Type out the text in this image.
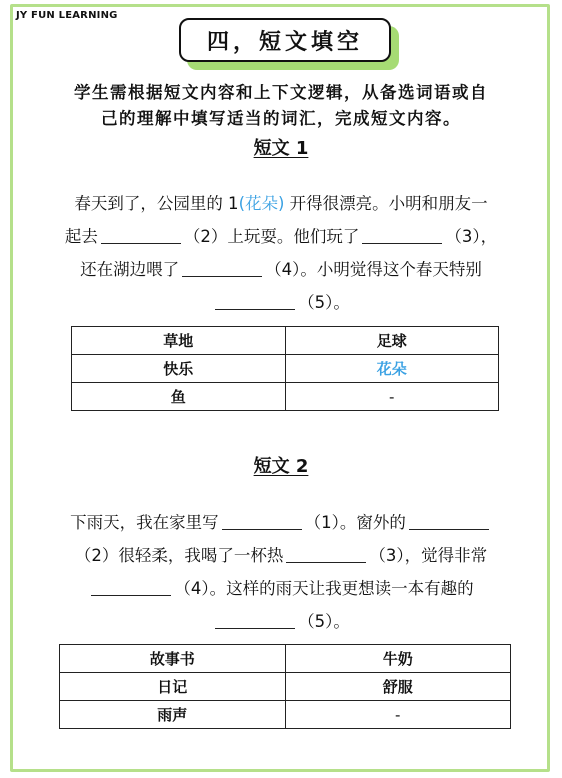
JY FUN LEARNING
四，短文填空
学生需根据短文内容和上下文逻辑，从备选词语或自
己的理解中填写适当的词汇，完成短文内容。
短文 1
春天到了，公园里的 1(花朵) 开得很漂亮。小明和朋友一
起去	（2）上玩耍。他们玩了	（3），
还在湖边喂了	（4）。小明觉得这个春天特别
（5）。
草地	足球
快乐	花朵
鱼	-
短文 2
下雨天，我在家里写	（1）。窗外的
（2）很轻柔，我喝了一杯热	（3），觉得非常
（4）。这样的雨天让我更想读一本有趣的
（5）。
故事书	牛奶
日记	舒服
雨声	-
